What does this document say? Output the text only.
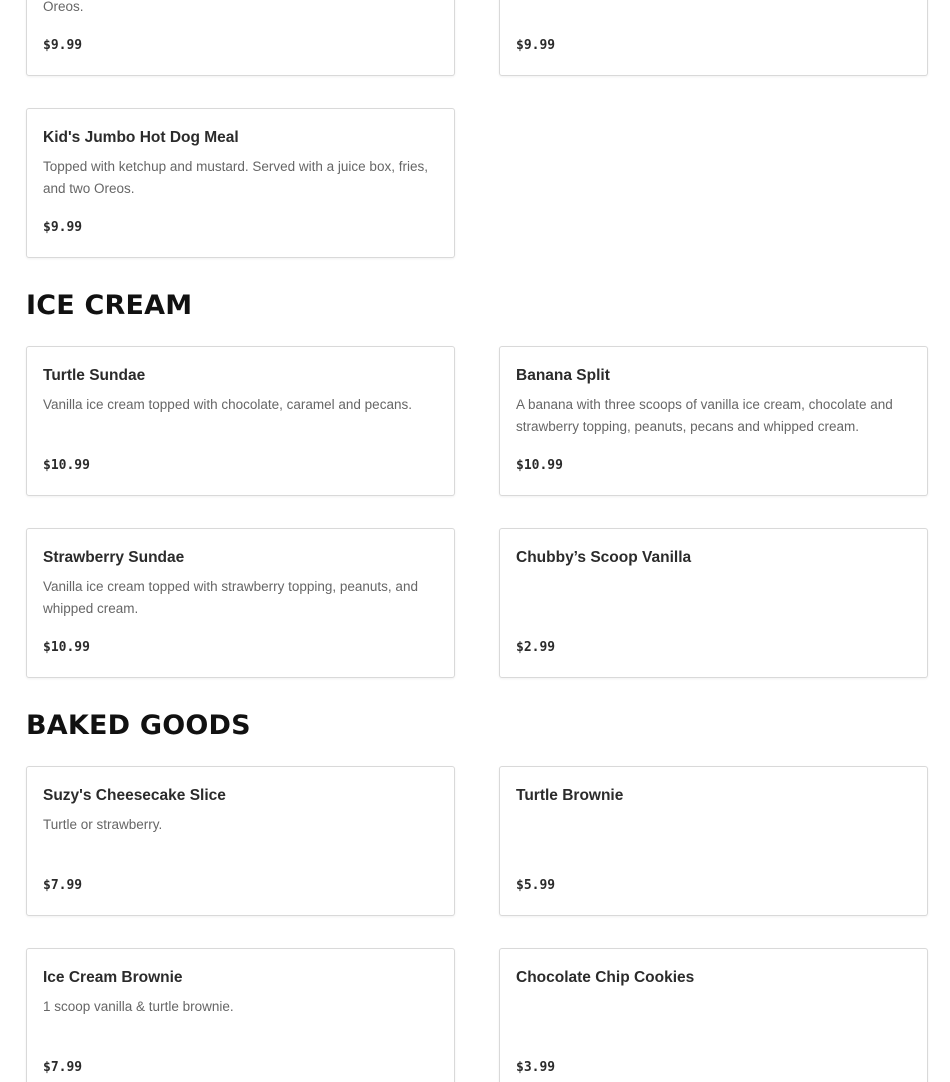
Oreos.
$9.99	$9.99
Kid's Jumbo Hot Dog Meal
Topped with ketchup and mustard. Served with a juice box, fries, and two Oreos.
$9.99
ICE CREAM
Turtle Sundae
Vanilla ice cream topped with chocolate, caramel and pecans.
$10.99
Banana Split
A banana with three scoops of vanilla ice cream, chocolate and strawberry topping, peanuts, pecans and whipped cream.
$10.99
Strawberry Sundae
Vanilla ice cream topped with strawberry topping, peanuts, and whipped cream.
$10.99
Chubby’s Scoop Vanilla
$2.99
BAKED GOODS
Suzy's Cheesecake Slice
Turtle or strawberry.
$7.99
Turtle Brownie
$5.99
Ice Cream Brownie
1 scoop vanilla & turtle brownie.
$7.99
Chocolate Chip Cookies
$3.99
